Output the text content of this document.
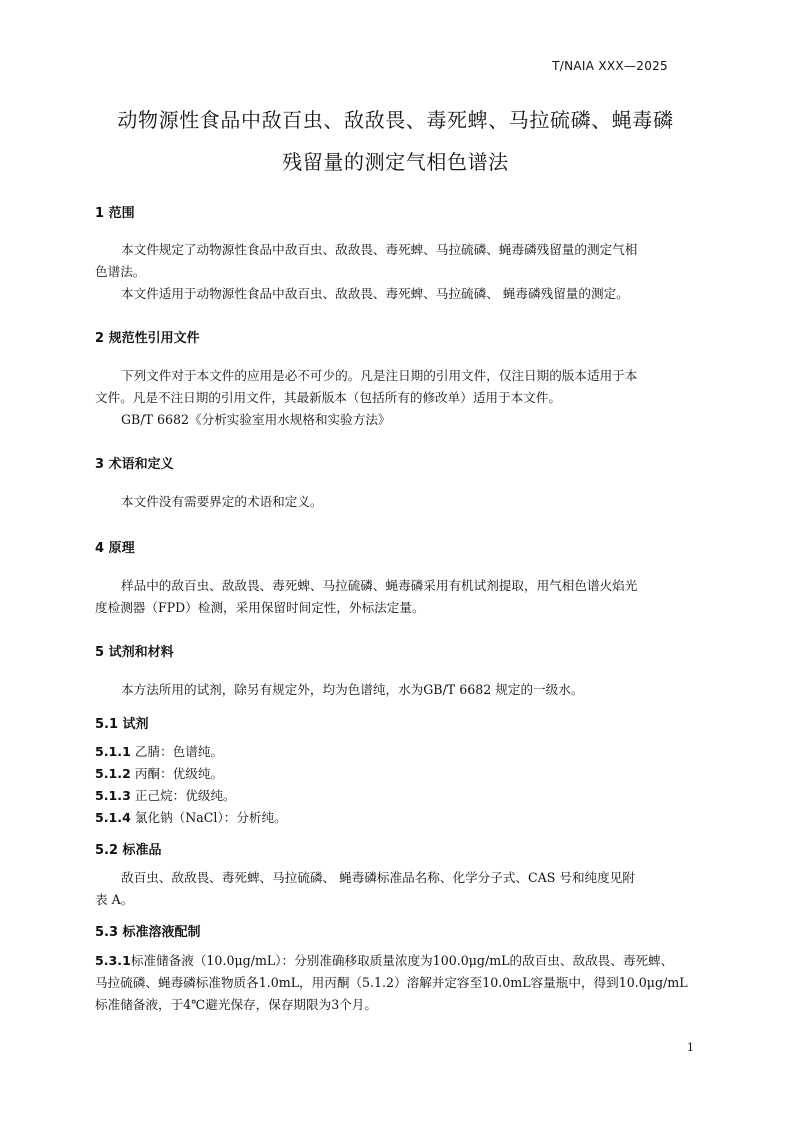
T/NAIA XXX—2025
动物源性食品中敌百虫、敌敌畏、毒死蜱、马拉硫磷、蝇毒磷
残留量的测定气相色谱法
1 范围
本文件规定了动物源性食品中敌百虫、敌敌畏、毒死蜱、马拉硫磷、蝇毒磷残留量的测定气相
色谱法。
本文件适用于动物源性食品中敌百虫、敌敌畏、毒死蜱、马拉硫磷、 蝇毒磷残留量的测定。
2 规范性引用文件
下列文件对于本文件的应用是必不可少的。凡是注日期的引用文件，仅注日期的版本适用于本
文件。凡是不注日期的引用文件，其最新版本（包括所有的修改单）适用于本文件。
GB/T 6682《分析实验室用水规格和实验方法》
3 术语和定义
本文件没有需要界定的术语和定义。
4 原理
样品中的敌百虫、敌敌畏、毒死蜱、马拉硫磷、蝇毒磷采用有机试剂提取，用气相色谱火焰光
度检测器（FPD）检测，采用保留时间定性，外标法定量。
5 试剂和材料
本方法所用的试剂，除另有规定外，均为色谱纯，水为GB/T 6682 规定的一级水。
5.1 试剂
5.1.1 乙腈：色谱纯。
5.1.2 丙酮：优级纯。
5.1.3 正己烷：优级纯。
5.1.4 氯化钠（NaCl）：分析纯。
5.2 标准品
敌百虫、敌敌畏、毒死蜱、马拉硫磷、 蝇毒磷标准品名称、化学分子式、CAS 号和纯度见附
表 A。
5.3 标准溶液配制
5.3.1标准储备液（10.0μg/mL）：分别准确移取质量浓度为100.0μg/mL的敌百虫、敌敌畏、毒死蜱、
马拉硫磷、蝇毒磷标准物质各1.0mL，用丙酮（5.1.2）溶解并定容至10.0mL容量瓶中，得到10.0μg/mL
标准储备液，于4℃避光保存，保存期限为3个月。
1
